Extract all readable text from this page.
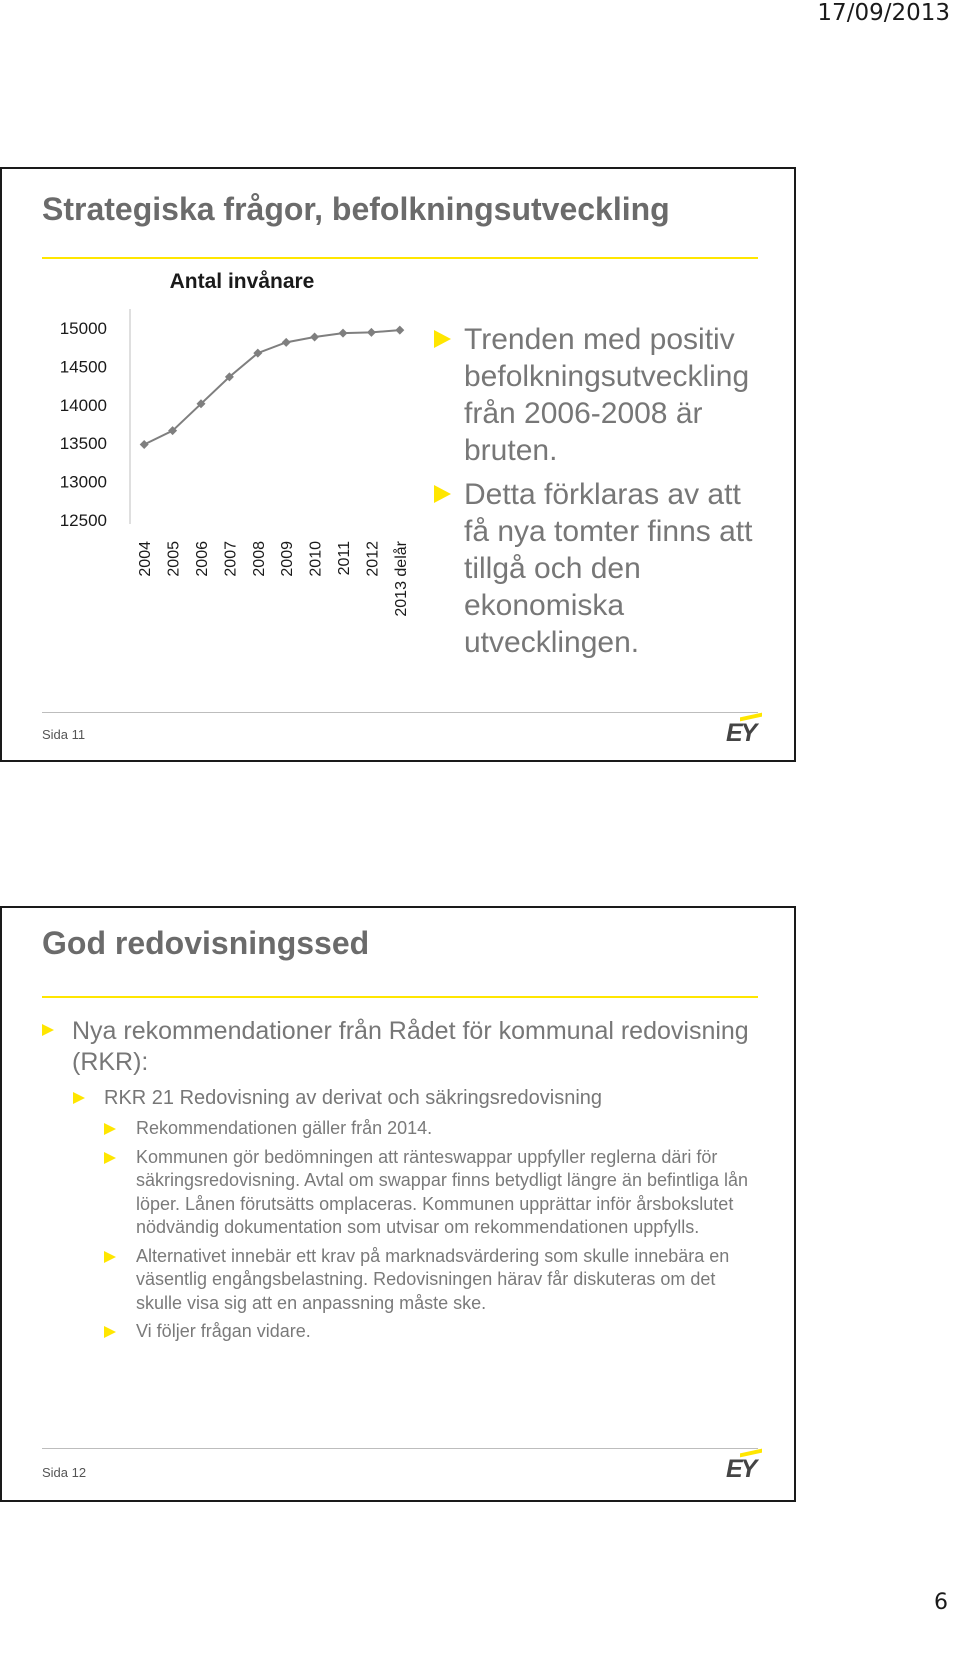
17/09/2013
Strategiska frågor, befolkningsutveckling
Antal invånare
12500
13000
13500
14000
14500
15000
2004 2005 2006 2007 2008 2009 2010 2011 2012 2013 delår
Trenden med positiv befolkningsutveckling från 2006-2008 är bruten.
Detta förklaras av att få nya tomter finns att tillgå och den ekonomiska utvecklingen.
Sida 11	EY
God redovisningssed
Nya rekommendationer från Rådet för kommunal redovisning (RKR):
RKR 21 Redovisning av derivat och säkringsredovisning
Rekommendationen gäller från 2014.
Kommunen gör bedömningen att ränteswappar uppfyller reglerna däri för säkringsredovisning. Avtal om swappar finns betydligt längre än befintliga lån löper. Lånen förutsätts omplaceras. Kommunen upprättar inför årsbokslutet nödvändig dokumentation som utvisar om rekommendationen uppfylls.
Alternativet innebär ett krav på marknadsvärdering som skulle innebära en väsentlig engångsbelastning. Redovisningen härav får diskuteras om det skulle visa sig att en anpassning måste ske.
Vi följer frågan vidare.
Sida 12	EY
6
